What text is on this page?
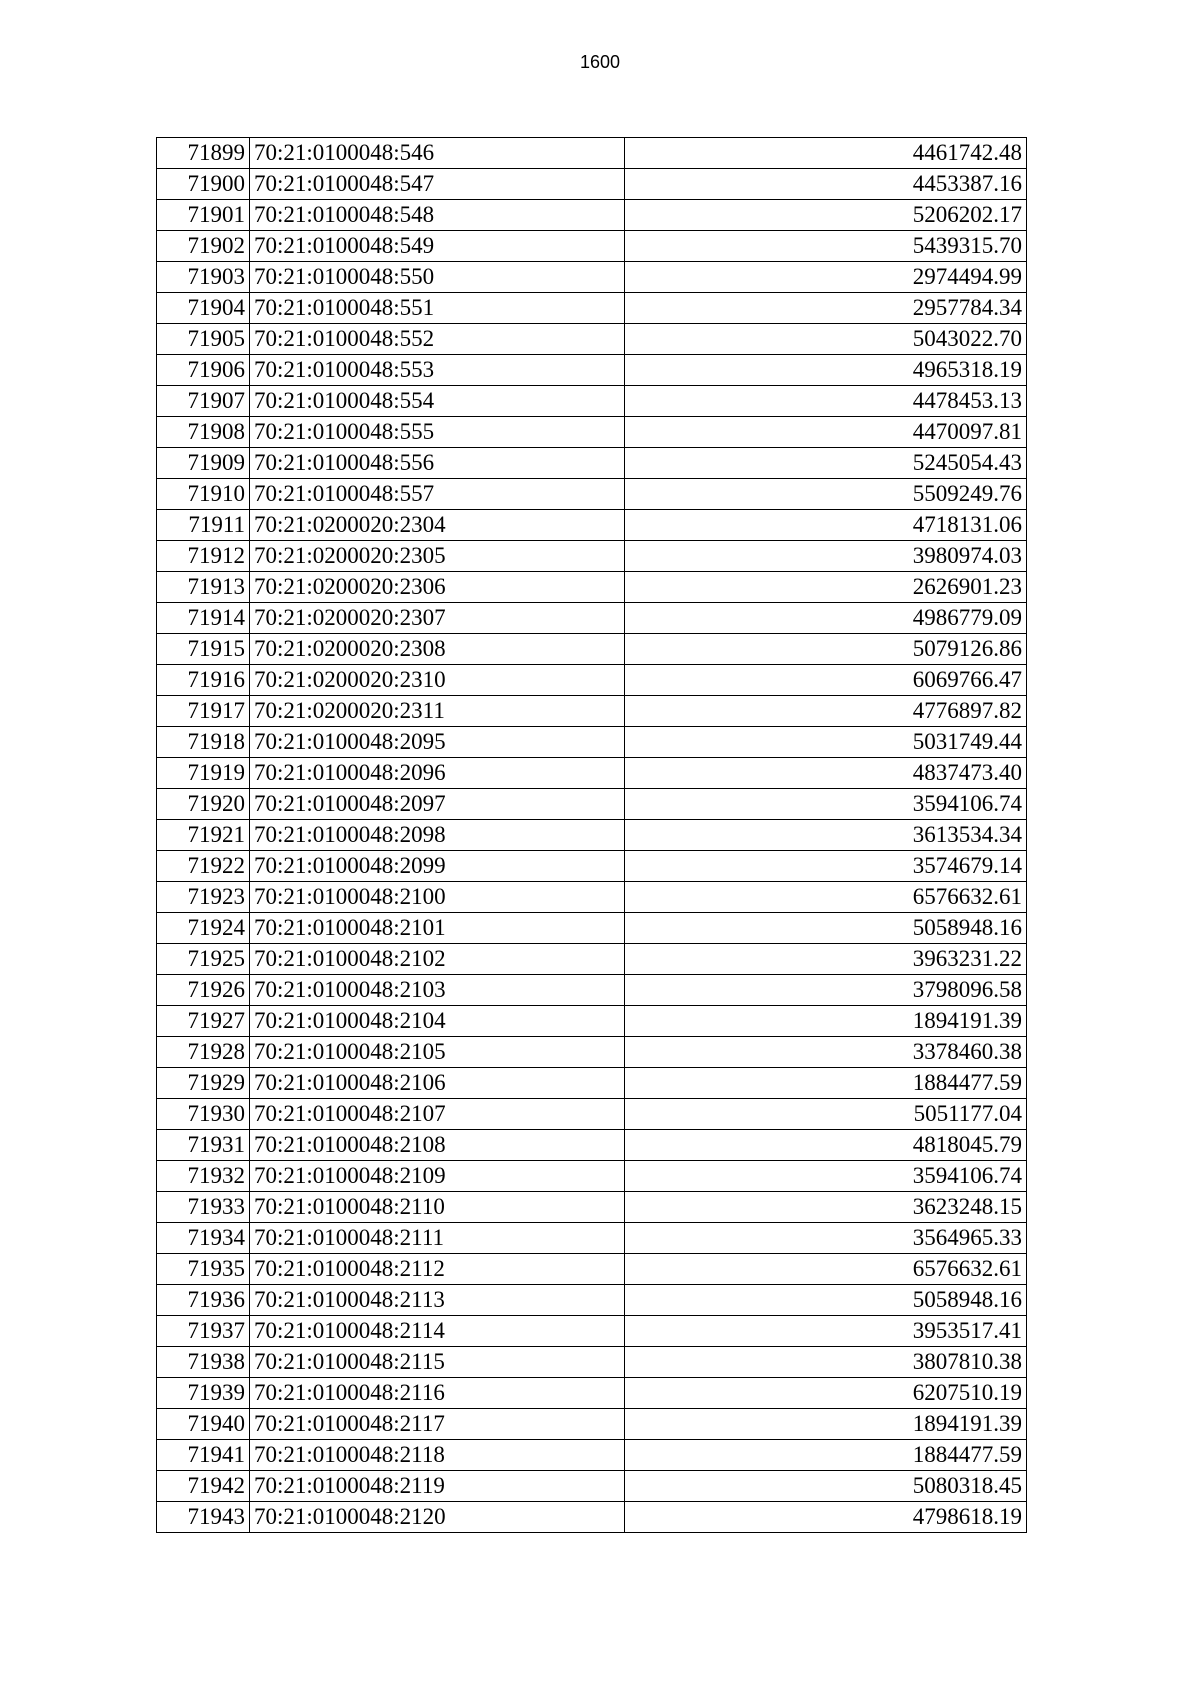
1600
71899	70:21:0100048:546	4461742.48
71900	70:21:0100048:547	4453387.16
71901	70:21:0100048:548	5206202.17
71902	70:21:0100048:549	5439315.70
71903	70:21:0100048:550	2974494.99
71904	70:21:0100048:551	2957784.34
71905	70:21:0100048:552	5043022.70
71906	70:21:0100048:553	4965318.19
71907	70:21:0100048:554	4478453.13
71908	70:21:0100048:555	4470097.81
71909	70:21:0100048:556	5245054.43
71910	70:21:0100048:557	5509249.76
71911	70:21:0200020:2304	4718131.06
71912	70:21:0200020:2305	3980974.03
71913	70:21:0200020:2306	2626901.23
71914	70:21:0200020:2307	4986779.09
71915	70:21:0200020:2308	5079126.86
71916	70:21:0200020:2310	6069766.47
71917	70:21:0200020:2311	4776897.82
71918	70:21:0100048:2095	5031749.44
71919	70:21:0100048:2096	4837473.40
71920	70:21:0100048:2097	3594106.74
71921	70:21:0100048:2098	3613534.34
71922	70:21:0100048:2099	3574679.14
71923	70:21:0100048:2100	6576632.61
71924	70:21:0100048:2101	5058948.16
71925	70:21:0100048:2102	3963231.22
71926	70:21:0100048:2103	3798096.58
71927	70:21:0100048:2104	1894191.39
71928	70:21:0100048:2105	3378460.38
71929	70:21:0100048:2106	1884477.59
71930	70:21:0100048:2107	5051177.04
71931	70:21:0100048:2108	4818045.79
71932	70:21:0100048:2109	3594106.74
71933	70:21:0100048:2110	3623248.15
71934	70:21:0100048:2111	3564965.33
71935	70:21:0100048:2112	6576632.61
71936	70:21:0100048:2113	5058948.16
71937	70:21:0100048:2114	3953517.41
71938	70:21:0100048:2115	3807810.38
71939	70:21:0100048:2116	6207510.19
71940	70:21:0100048:2117	1894191.39
71941	70:21:0100048:2118	1884477.59
71942	70:21:0100048:2119	5080318.45
71943	70:21:0100048:2120	4798618.19
